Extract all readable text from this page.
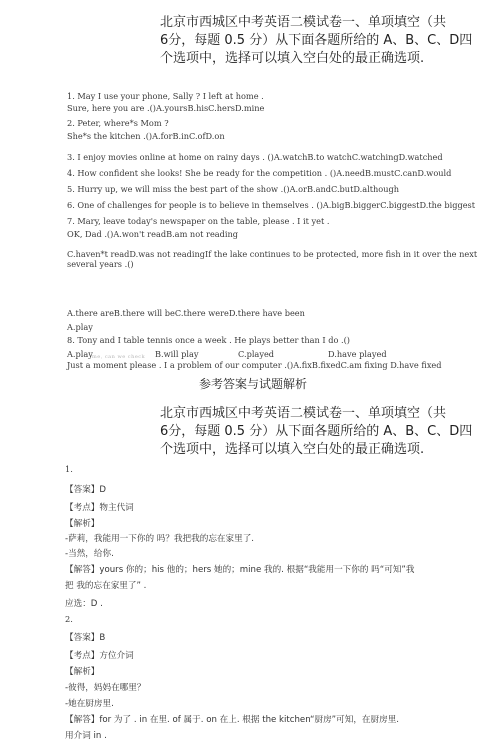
北京市西城区中考英语二模试卷一、单项填空（共
6分，每题 0.5 分）从下面各题所给的 A、B、C、D四
个选项中，选择可以填入空白处的最正确选项.
1. May I use your phone, Sally ? I left at home .
Sure, here you are .()A.yoursB.hisC.hersD.mine
2. Peter, where*s Mom ?
She*s the kitchen .()A.forB.inC.ofD.on
3. I enjoy movies online at home on rainy days . ()A.watchB.to watchC.watchingD.watched
4. How confident she looks! She be ready for the competition . ()A.needB.mustC.canD.would
5. Hurry up, we will miss the best part of the show .()A.orB.andC.butD.although
6. One of challenges for people is to believe in themselves . ()A.bigB.biggerC.biggestD.the biggest
7. Mary, leave today's newspaper on the table, please . I it yet .
OK, Dad .()A.won't readB.am not reading
C.haven*t readD.was not readingIf the lake continues to be protected, more fish in it over the next
several years .()
A.there areB.there will beC.there wereD.there have been
A.play
8. Tony and I table tennis once a week . He plays better than I do .()
A.play me, can we check B.will play	C.played	D.have played
Just a moment please . I a problem of our computer .()A.fixB.fixedC.am fixing D.have fixed
参考答案与试题解析
北京市西城区中考英语二模试卷一、单项填空（共
6分，每题 0.5 分）从下面各题所给的 A、B、C、D四
个选项中，选择可以填入空白处的最正确选项.
1.
【答案】D
【考点】物主代词
【解析】
-萨莉，我能用一下你的 吗？我把我的忘在家里了.
-当然，给你.
【解答】yours 你的；his 他的；hers 她的；mine 我的. 根据“我能用一下你的 吗“可知”我
把 我的忘在家里了” .
应选：D .
2.
【答案】B
【考点】方位介词
【解析】
-彼得，妈妈在哪里？
-她在厨房里.
【解答】for 为了 . in 在里. of 属于. on 在上. 根据 the kitchen“厨房”可知，在厨房里.
用介词 in .
